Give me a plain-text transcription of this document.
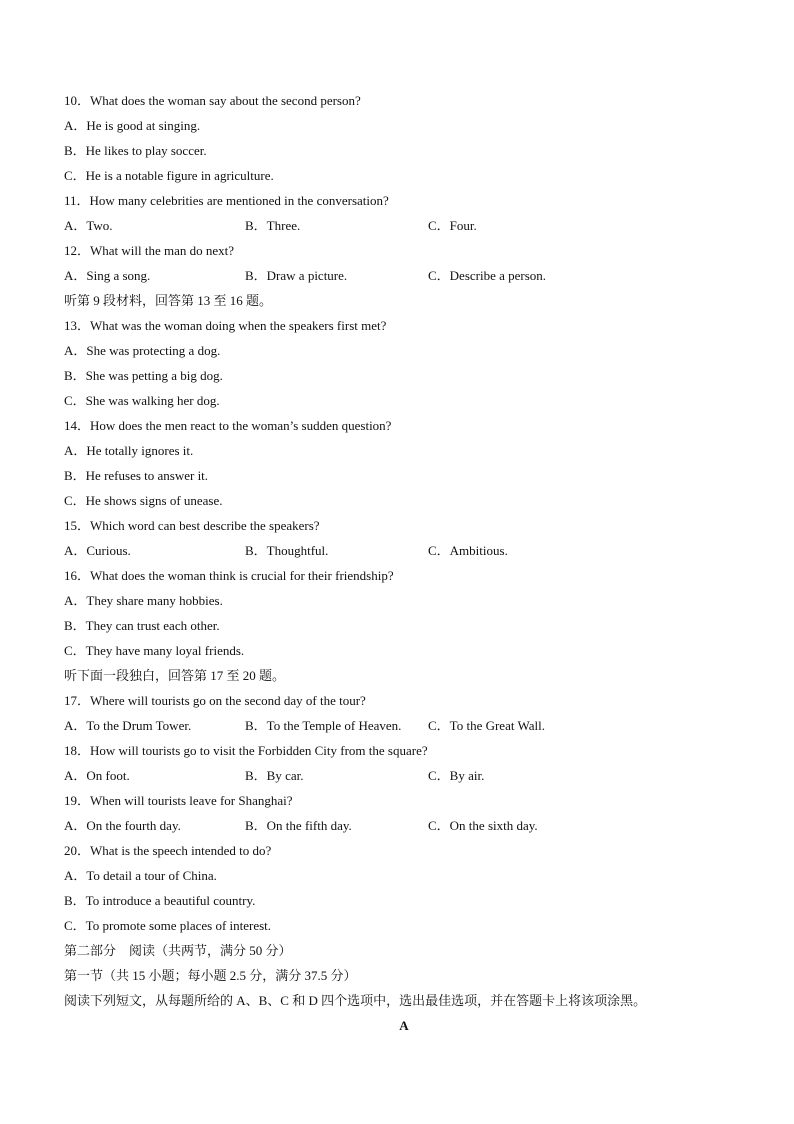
10．What does the woman say about the second person?
A．He is good at singing.
B．He likes to play soccer.
C．He is a notable figure in agriculture.
11．How many celebrities are mentioned in the conversation?
A．Two.	B．Three.	C．Four.
12．What will the man do next?
A．Sing a song.	B．Draw a picture.	C．Describe a person.
听第 9 段材料，回答第 13 至 16 题。
13．What was the woman doing when the speakers first met?
A．She was protecting a dog.
B．She was petting a big dog.
C．She was walking her dog.
14．How does the men react to the woman’s sudden question?
A．He totally ignores it.
B．He refuses to answer it.
C．He shows signs of unease.
15．Which word can best describe the speakers?
A．Curious.	B．Thoughtful.	C．Ambitious.
16．What does the woman think is crucial for their friendship?
A．They share many hobbies.
B．They can trust each other.
C．They have many loyal friends.
听下面一段独白，回答第 17 至 20 题。
17．Where will tourists go on the second day of the tour?
A．To the Drum Tower.	B．To the Temple of Heaven. C．To the Great Wall.
18．How will tourists go to visit the Forbidden City from the square?
A．On foot.	B．By car.	C．By air.
19．When will tourists leave for Shanghai?
A．On the fourth day.	B．On the fifth day.	C．On the sixth day.
20．What is the speech intended to do?
A．To detail a tour of China.
B．To introduce a beautiful country.
C．To promote some places of interest.
第二部分　阅读（共两节，满分 50 分）
第一节（共 15 小题；每小题 2.5 分，满分 37.5 分）
阅读下列短文，从每题所给的 A、B、C 和 D 四个选项中，选出最佳选项，并在答题卡上将该项涂黑。
A
